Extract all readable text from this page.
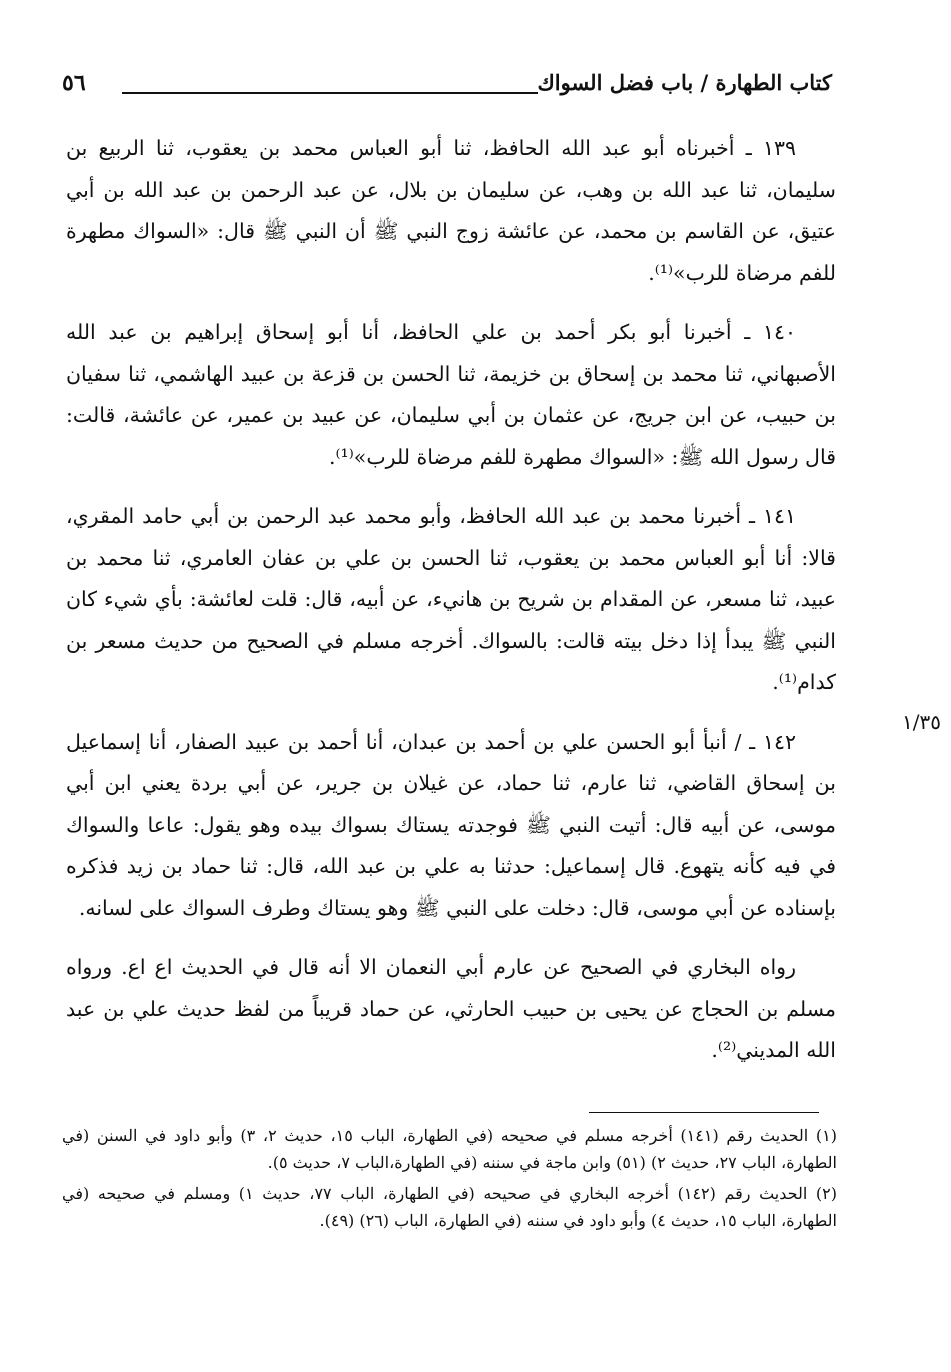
كتاب الطهارة / باب فضل السواك
٥٦
١/٣٥

١٣٩ ـ أخبرناه أبو عبد الله الحافظ، ثنا أبو العباس محمد بن يعقوب، ثنا الربيع بن سليمان، ثنا عبد الله بن وهب، عن سليمان بن بلال، عن عبد الرحمن بن عبد الله بن أبي عتيق، عن القاسم بن محمد، عن عائشة زوج النبي ﷺ أن النبي ﷺ قال: «السواك مطهرة للفم مرضاة للرب»⁽¹⁾.

١٤٠ ـ أخبرنا أبو بكر أحمد بن علي الحافظ، أنا أبو إسحاق إبراهيم بن عبد الله الأصبهاني، ثنا محمد بن إسحاق بن خزيمة، ثنا الحسن بن قزعة بن عبيد الهاشمي، ثنا سفيان بن حبيب، عن ابن جريج، عن عثمان بن أبي سليمان، عن عبيد بن عمير، عن عائشة، قالت: قال رسول الله ﷺ: «السواك مطهرة للفم مرضاة للرب»⁽¹⁾.

١٤١ ـ أخبرنا محمد بن عبد الله الحافظ، وأبو محمد عبد الرحمن بن أبي حامد المقري، قالا: أنا أبو العباس محمد بن يعقوب، ثنا الحسن بن علي بن عفان العامري، ثنا محمد بن عبيد، ثنا مسعر، عن المقدام بن شريح بن هانيء، عن أبيه، قال: قلت لعائشة: بأي شيء كان النبي ﷺ يبدأ إذا دخل بيته قالت: بالسواك. أخرجه مسلم في الصحيح من حديث مسعر بن كدام⁽¹⁾.

١٤٢ ـ / أنبأ أبو الحسن علي بن أحمد بن عبدان، أنا أحمد بن عبيد الصفار، أنا إسماعيل بن إسحاق القاضي، ثنا عارم، ثنا حماد، عن غيلان بن جرير، عن أبي بردة يعني ابن أبي موسى، عن أبيه قال: أتيت النبي ﷺ فوجدته يستاك بسواك بيده وهو يقول: عاعا والسواك في فيه كأنه يتهوع. قال إسماعيل: حدثنا به علي بن عبد الله، قال: ثنا حماد بن زيد فذكره بإسناده عن أبي موسى، قال: دخلت على النبي ﷺ وهو يستاك وطرف السواك على لسانه.

رواه البخاري في الصحيح عن عارم أبي النعمان الا أنه قال في الحديث اع اع. ورواه مسلم بن الحجاج عن يحيى بن حبيب الحارثي، عن حماد قريباً من لفظ حديث علي بن عبد الله المديني⁽²⁾.

(١) الحديث رقم (١٤١) أخرجه مسلم في صحيحه (في الطهارة، الباب ١٥، حديث ٢، ٣) وأبو داود في السنن (في الطهارة، الباب ٢٧، حديث ٢) (٥١) وابن ماجة في سننه (في الطهارة،الباب ٧، حديث ٥).

(٢) الحديث رقم (١٤٢) أخرجه البخاري في صحيحه (في الطهارة، الباب ٧٧، حديث ١) ومسلم في صحيحه (في الطهارة، الباب ١٥، حديث ٤) وأبو داود في سننه (في الطهارة، الباب (٢٦) (٤٩).
